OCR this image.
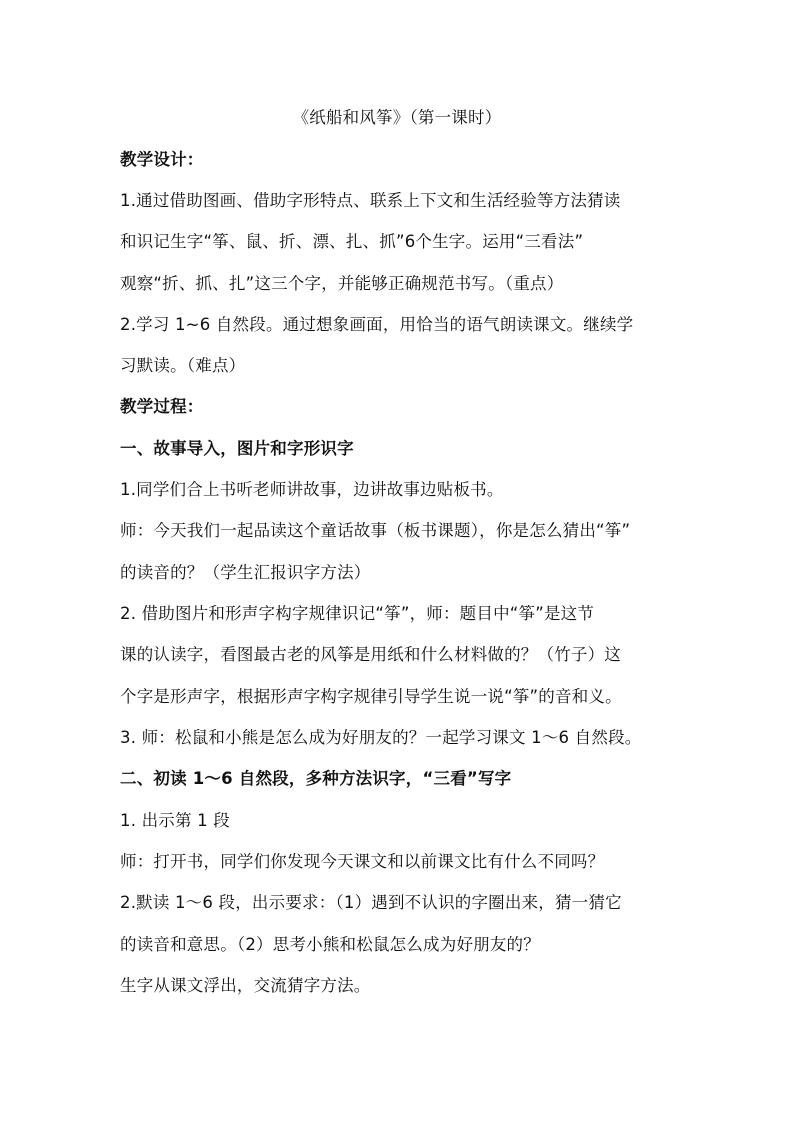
《纸船和风筝》（第一课时）
教学设计：
1.通过借助图画、借助字形特点、联系上下文和生活经验等方法猜读
和识记生字“筝、鼠、折、漂、扎、抓”6个生字。运用“三看法”
观察“折、抓、扎”这三个字，并能够正确规范书写。（重点）
2.学习 1~6 自然段。通过想象画面，用恰当的语气朗读课文。继续学
习默读。（难点）
教学过程：
一、故事导入，图片和字形识字
1.同学们合上书听老师讲故事，边讲故事边贴板书。
师：今天我们一起品读这个童话故事（板书课题），你是怎么猜出“筝”
的读音的？（学生汇报识字方法）
2. 借助图片和形声字构字规律识记“筝”，师：题目中“筝”是这节
课的认读字，看图最古老的风筝是用纸和什么材料做的？（竹子）这
个字是形声字，根据形声字构字规律引导学生说一说“筝”的音和义。
3. 师：松鼠和小熊是怎么成为好朋友的？一起学习课文 1～6 自然段。
二、初读 1～6 自然段，多种方法识字，“三看”写字
1. 出示第 1 段
师：打开书，同学们你发现今天课文和以前课文比有什么不同吗？
2.默读 1～6 段，出示要求：（1）遇到不认识的字圈出来，猜一猜它
的读音和意思。（2）思考小熊和松鼠怎么成为好朋友的？
生字从课文浮出，交流猜字方法。
